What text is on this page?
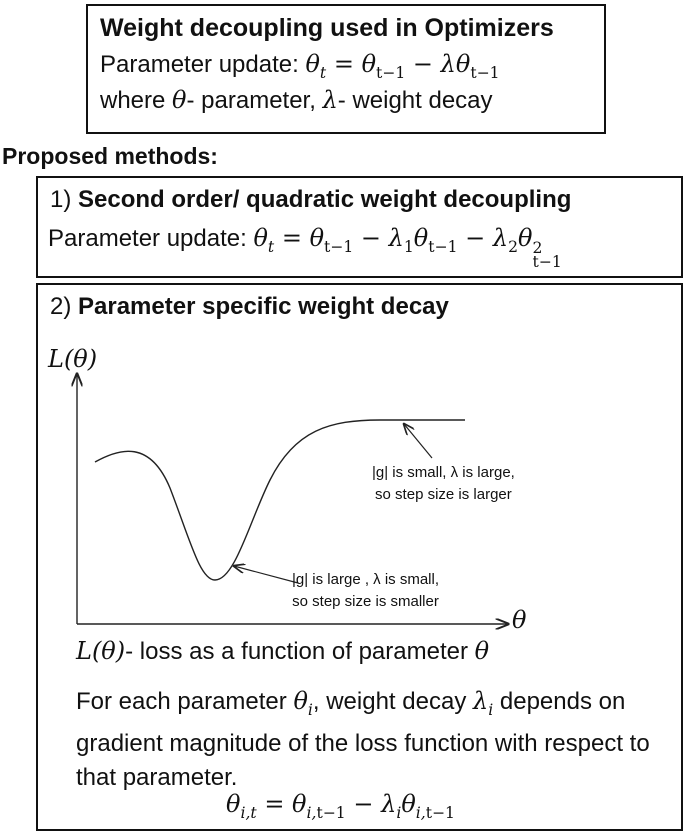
Weight decoupling used in Optimizers
Parameter update: $\theta_t = \theta_{t-1} - \lambda\theta_{t-1}$
where θ- parameter, λ- weight decay
Proposed methods:
1) Second order/ quadratic weight decoupling
Parameter update: $\theta_t = \theta_{t-1} - \lambda_1\theta_{t-1} - \lambda_2\theta$ 2
t−1
2) Parameter specific weight decay
L(θ)
θ
|g| is small, λ is large,
so step size is larger
|g| is large , λ is small,
so step size is smaller
L(θ)- loss as a function of parameter θ
For each parameter $\theta_i$, weight decay $\lambda_i$ depends on gradient magnitude of the loss function with respect to that parameter.
$\theta_{i,t} = \theta_{i,t-1} - \lambda_i\theta_{i,t-1}$
